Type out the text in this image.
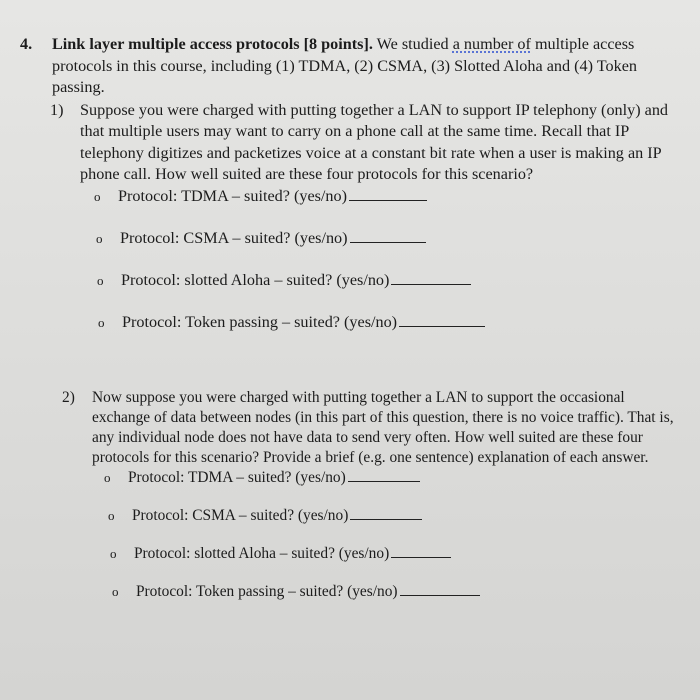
4.	Link layer multiple access protocols [8 points]. We studied a number of multiple access protocols in this course, including (1) TDMA, (2) CSMA, (3) Slotted Aloha and (4) Token passing.
1)	Suppose you were charged with putting together a LAN to support IP telephony (only) and that multiple users may want to carry on a phone call at the same time. Recall that IP telephony digitizes and packetizes voice at a constant bit rate when a user is making an IP phone call. How well suited are these four protocols for this scenario?
o	Protocol: TDMA – suited? (yes/no)
o	Protocol: CSMA – suited? (yes/no)
o	Protocol: slotted Aloha – suited? (yes/no)
o	Protocol: Token passing – suited? (yes/no)
2)	Now suppose you were charged with putting together a LAN to support the occasional exchange of data between nodes (in this part of this question, there is no voice traffic). That is, any individual node does not have data to send very often. How well suited are these four protocols for this scenario? Provide a brief (e.g. one sentence) explanation of each answer.
o	Protocol: TDMA – suited? (yes/no)
o	Protocol: CSMA – suited? (yes/no)
o	Protocol: slotted Aloha – suited? (yes/no)
o	Protocol: Token passing – suited? (yes/no)
